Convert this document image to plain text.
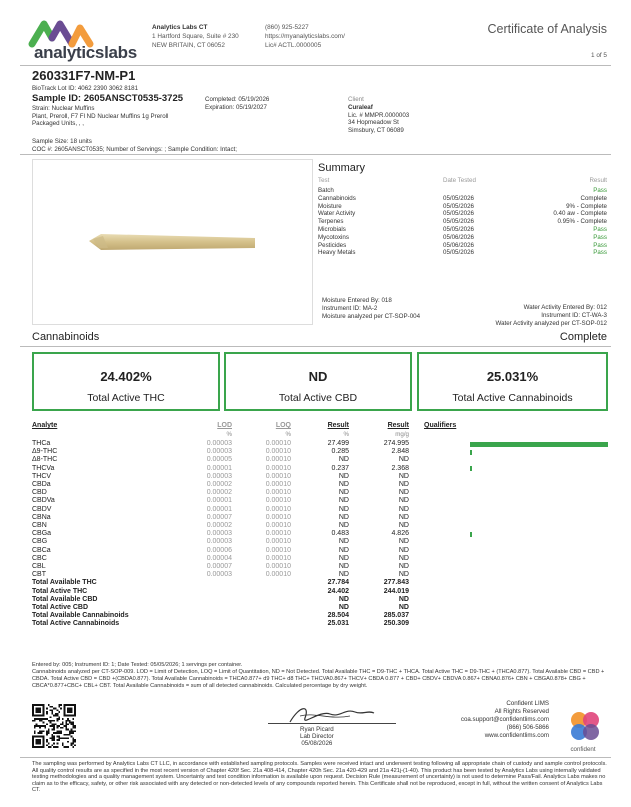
analyticslabs
Analytics Labs CT
1 Hartford Square, Suite # 230
NEW BRITAIN, CT 06052
(860) 925-5227
https://myanalyticslabs.com/
Lic# ACTL.0000005
Certificate of Analysis
1 of 5
260331F7-NM-P1
BioTrack Lot ID: 4062 2390 3062 8181
Sample ID: 2605ANSCT0535-3725	Completed: 05/19/2026
Expiration: 05/19/2027
Strain: Nuclear Muffins
Plant, Preroll, F7 Fl ND Nuclear Muffins 1g Preroll
Packaged Units, , ,
Client
Curaleaf
Lic. # MMPR.0000003
34 Hopmeadow St
Simsbury, CT 06089
Sample Size: 18 units
COC #: 2605ANSCT0535; Number of Servings: ; Sample Condition: Intact;
Summary
Test	Date Tested	Result
Batch	Pass
Cannabinoids	05/05/2026	Complete
Moisture	05/05/2026	9% - Complete
Water Activity	05/05/2026	0.40 aw - Complete
Terpenes	05/05/2026	0.95% - Complete
Microbials	05/05/2026	Pass
Mycotoxins	05/06/2026	Pass
Pesticides	05/06/2026	Pass
Heavy Metals	05/05/2026	Pass
Moisture Entered By: 018
Instrument ID: MA-2
Moisture analyzed per CT-SOP-004
Water Activity Entered By: 012
Instrument ID: CT-WA-3
Water Activity analyzed per CT-SOP-012
Cannabinoids	Complete
24.402%
Total Active THC
ND
Total Active CBD
25.031%
Total Active Cannabinoids
Analyte	LOD	LOQ	Result	Result Qualifiers
%	%	%	mg/g
THCa	0.00003	0.00010	27.499	274.995
Δ9-THC	0.00003	0.00010	0.285	2.848
Δ8-THC	0.00005	0.00010	ND	ND
THCVa	0.00001	0.00010	0.237	2.368
THCV	0.00003	0.00010	ND	ND
CBDa	0.00002	0.00010	ND	ND
CBD	0.00002	0.00010	ND	ND
CBDVa	0.00001	0.00010	ND	ND
CBDV	0.00001	0.00010	ND	ND
CBNa	0.00007	0.00010	ND	ND
CBN	0.00002	0.00010	ND	ND
CBGa	0.00003	0.00010	0.483	4.826
CBG	0.00003	0.00010	ND	ND
CBCa	0.00006	0.00010	ND	ND
CBC	0.00004	0.00010	ND	ND
CBL	0.00007	0.00010	ND	ND
CBT	0.00003	0.00010	ND	ND
Total Available THC	27.784	277.843
Total Active THC	24.402	244.019
Total Available CBD	ND	ND
Total Active CBD	ND	ND
Total Available Cannabinoids	28.504	285.037
Total Active Cannabinoids	25.031	250.309
Entered by: 005; Instrument ID: 1; Date Tested: 05/05/2026; 1 servings per container.
Cannabinoids analyzed per CT-SOP-009. LOD = Limit of Detection, LOQ = Limit of Quantitation, ND = Not Detected. Total Available THC = D9-THC + THCA. Total Active THC = D9-THC + (THCA0.877). Total Available CBD = CBD + CBDA. Total Active CBD = CBD +(CBDA0.877). Total Available Cannabinoids = THCA0.877+ d9 THC+ d8 THC+ THCVA0.867+ THCV+ CBDA 0.877 + CBD+ CBDV+ CBDVA 0.867+ CBNA0.876+ CBN + CBGA0.878+ CBG + CBCA*0.877+CBC+ CBL+ CBT. Total Available Cannabinoids = sum of all detected cannabinoids. Calculated percentage by dry weight.
Ryan Picard
Lab Director
05/08/2026
Confident LIMS
All Rights Reserved
coa.support@confidentlims.com
(866) 506-5866
www.confidentlims.com
confident
The sampling was performed by Analytics Labs CT LLC, in accordance with established sampling protocols. Samples were received intact and underwent testing following all appropriate chain of custody and sample control protocols. All quality control results are as specified in the most recent version of Chapter 420f Sec. 21a 408-414, Chapter 420h Sec. 21a 420-429 and 21a 421j-(1-40). This product has been tested by Analytics Labs using internally validated testing methodologies and a quality management system. Uncertainty and test condition information is available upon request. Decision Rule (measurement of uncertainty) is not used to determine Pass/Fail. Analytics Labs makes no claim as to the efficacy, safety, or other risk associated with any detected or non-detected levels of any compounds reported herein. This Certificate shall not be reproduced, except in full, without the written consent of Analytics Labs CT.
